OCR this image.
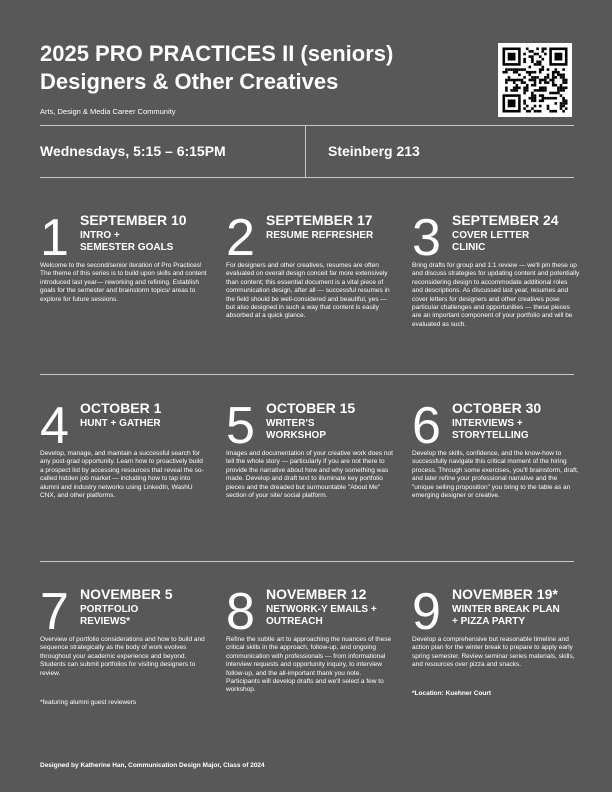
2025 PRO PRACTICES II (seniors)
Designers & Other Creatives

Arts, Design & Media Career Community

Wednesdays, 5:15 – 6:15PM	Steinberg 213
1 SEPTEMBER 10
INTRO +
SEMESTER GOALS
Welcome to the second/senior iteration of Pro Practices! The theme of this series is to build upon skills and content introduced last year— reworking and refining. Establish goals for the semester and brainstorm topics/ areas to explore for future sessions.
2 SEPTEMBER 17
RESUME REFRESHER
For designers and other creatives, resumes are often evaluated on overall design conceit far more extensively than content; this essential document is a vital piece of communication design, after all — successful resumes in the field should be well-considered and beautiful, yes — but also designed in such a way that content is easily absorbed at a quick glance.
3 SEPTEMBER 24
COVER LETTER
CLINIC
Bring drafts for group and 1:1 review — we'll pin these up and discuss strategies for updating content and potentially reconsidering design to accommodate additional roles and descriptions. As discussed last year, resumes and cover letters for designers and other creatives pose particular challenges and opportunities — these pieces are an important component of your portfolio and will be evaluated as such.
4 OCTOBER 1
HUNT + GATHER
Develop, manage, and maintain a successful search for any post-grad opportunity. Learn how to proactively build a prospect list by accessing resources that reveal the so-called hidden job market — including how to tap into alumni and industry networks using LinkedIn, WashU CNX, and other platforms.
5 OCTOBER 15
WRITER'S
WORKSHOP
Images and documentation of your creative work does not tell the whole story — particularly if you are not there to provide the narrative about how and why something was made. Develop and draft text to illuminate key portfolio pieces and the dreaded but surmountable "About Me" section of your site/ social platform.
6 OCTOBER 30
INTERVIEWS +
STORYTELLING
Develop the skills, confidence, and the know-how to successfully navigate this critical moment of the hiring process. Through some exercises, you'll brainstorm, draft, and later refine your professional narrative and the "unique selling proposition" you bring to the table as an emerging designer or creative.
7 NOVEMBER 5
PORTFOLIO
REVIEWS*
Overview of portfolio considerations and how to build and sequence strategically as the body of work evolves throughout your academic experience and beyond. Students can submit portfolios for visiting designers to review.
*featuring alumni guest reviewers
8 NOVEMBER 12
NETWORK-Y EMAILS +
OUTREACH
Refine the subtle art to approaching the nuances of these critical skills in the approach, follow-up, and ongoing communication with professionals — from informational interview requests and opportunity inquiry, to interview follow-up, and the all-important thank you note. Participants will develop drafts and we'll select a few to workshop.
9 NOVEMBER 19*
WINTER BREAK PLAN
+ PIZZA PARTY
Develop a comprehensive but reasonable timeline and action plan for the winter break to prepare to apply early spring semester. Review seminar series materials, skills, and resources over pizza and snacks.
*Location: Kuehner Court
Designed by Katherine Han, Communication Design Major, Class of 2024
